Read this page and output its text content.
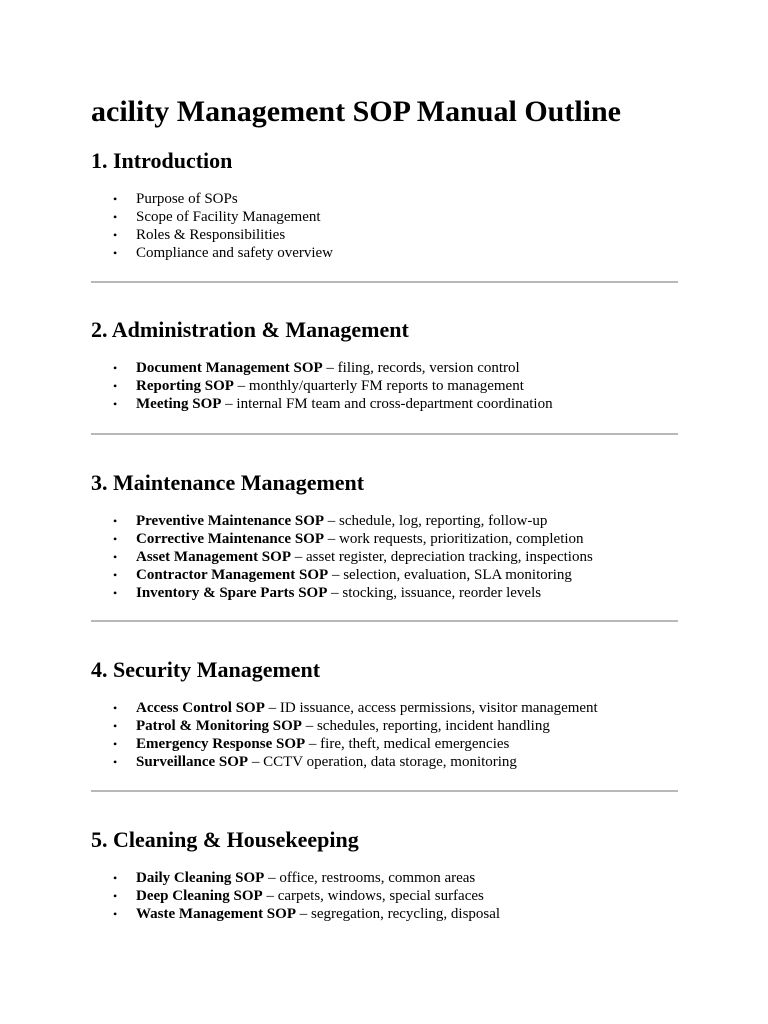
acility Management SOP Manual Outline
1. Introduction
• Purpose of SOPs
• Scope of Facility Management
• Roles & Responsibilities
• Compliance and safety overview
2. Administration & Management
• Document Management SOP – filing, records, version control
• Reporting SOP – monthly/quarterly FM reports to management
• Meeting SOP – internal FM team and cross-department coordination
3. Maintenance Management
• Preventive Maintenance SOP – schedule, log, reporting, follow-up
• Corrective Maintenance SOP – work requests, prioritization, completion
• Asset Management SOP – asset register, depreciation tracking, inspections
• Contractor Management SOP – selection, evaluation, SLA monitoring
• Inventory & Spare Parts SOP – stocking, issuance, reorder levels
4. Security Management
• Access Control SOP – ID issuance, access permissions, visitor management
• Patrol & Monitoring SOP – schedules, reporting, incident handling
• Emergency Response SOP – fire, theft, medical emergencies
• Surveillance SOP – CCTV operation, data storage, monitoring
5. Cleaning & Housekeeping
• Daily Cleaning SOP – office, restrooms, common areas
• Deep Cleaning SOP – carpets, windows, special surfaces
• Waste Management SOP – segregation, recycling, disposal
